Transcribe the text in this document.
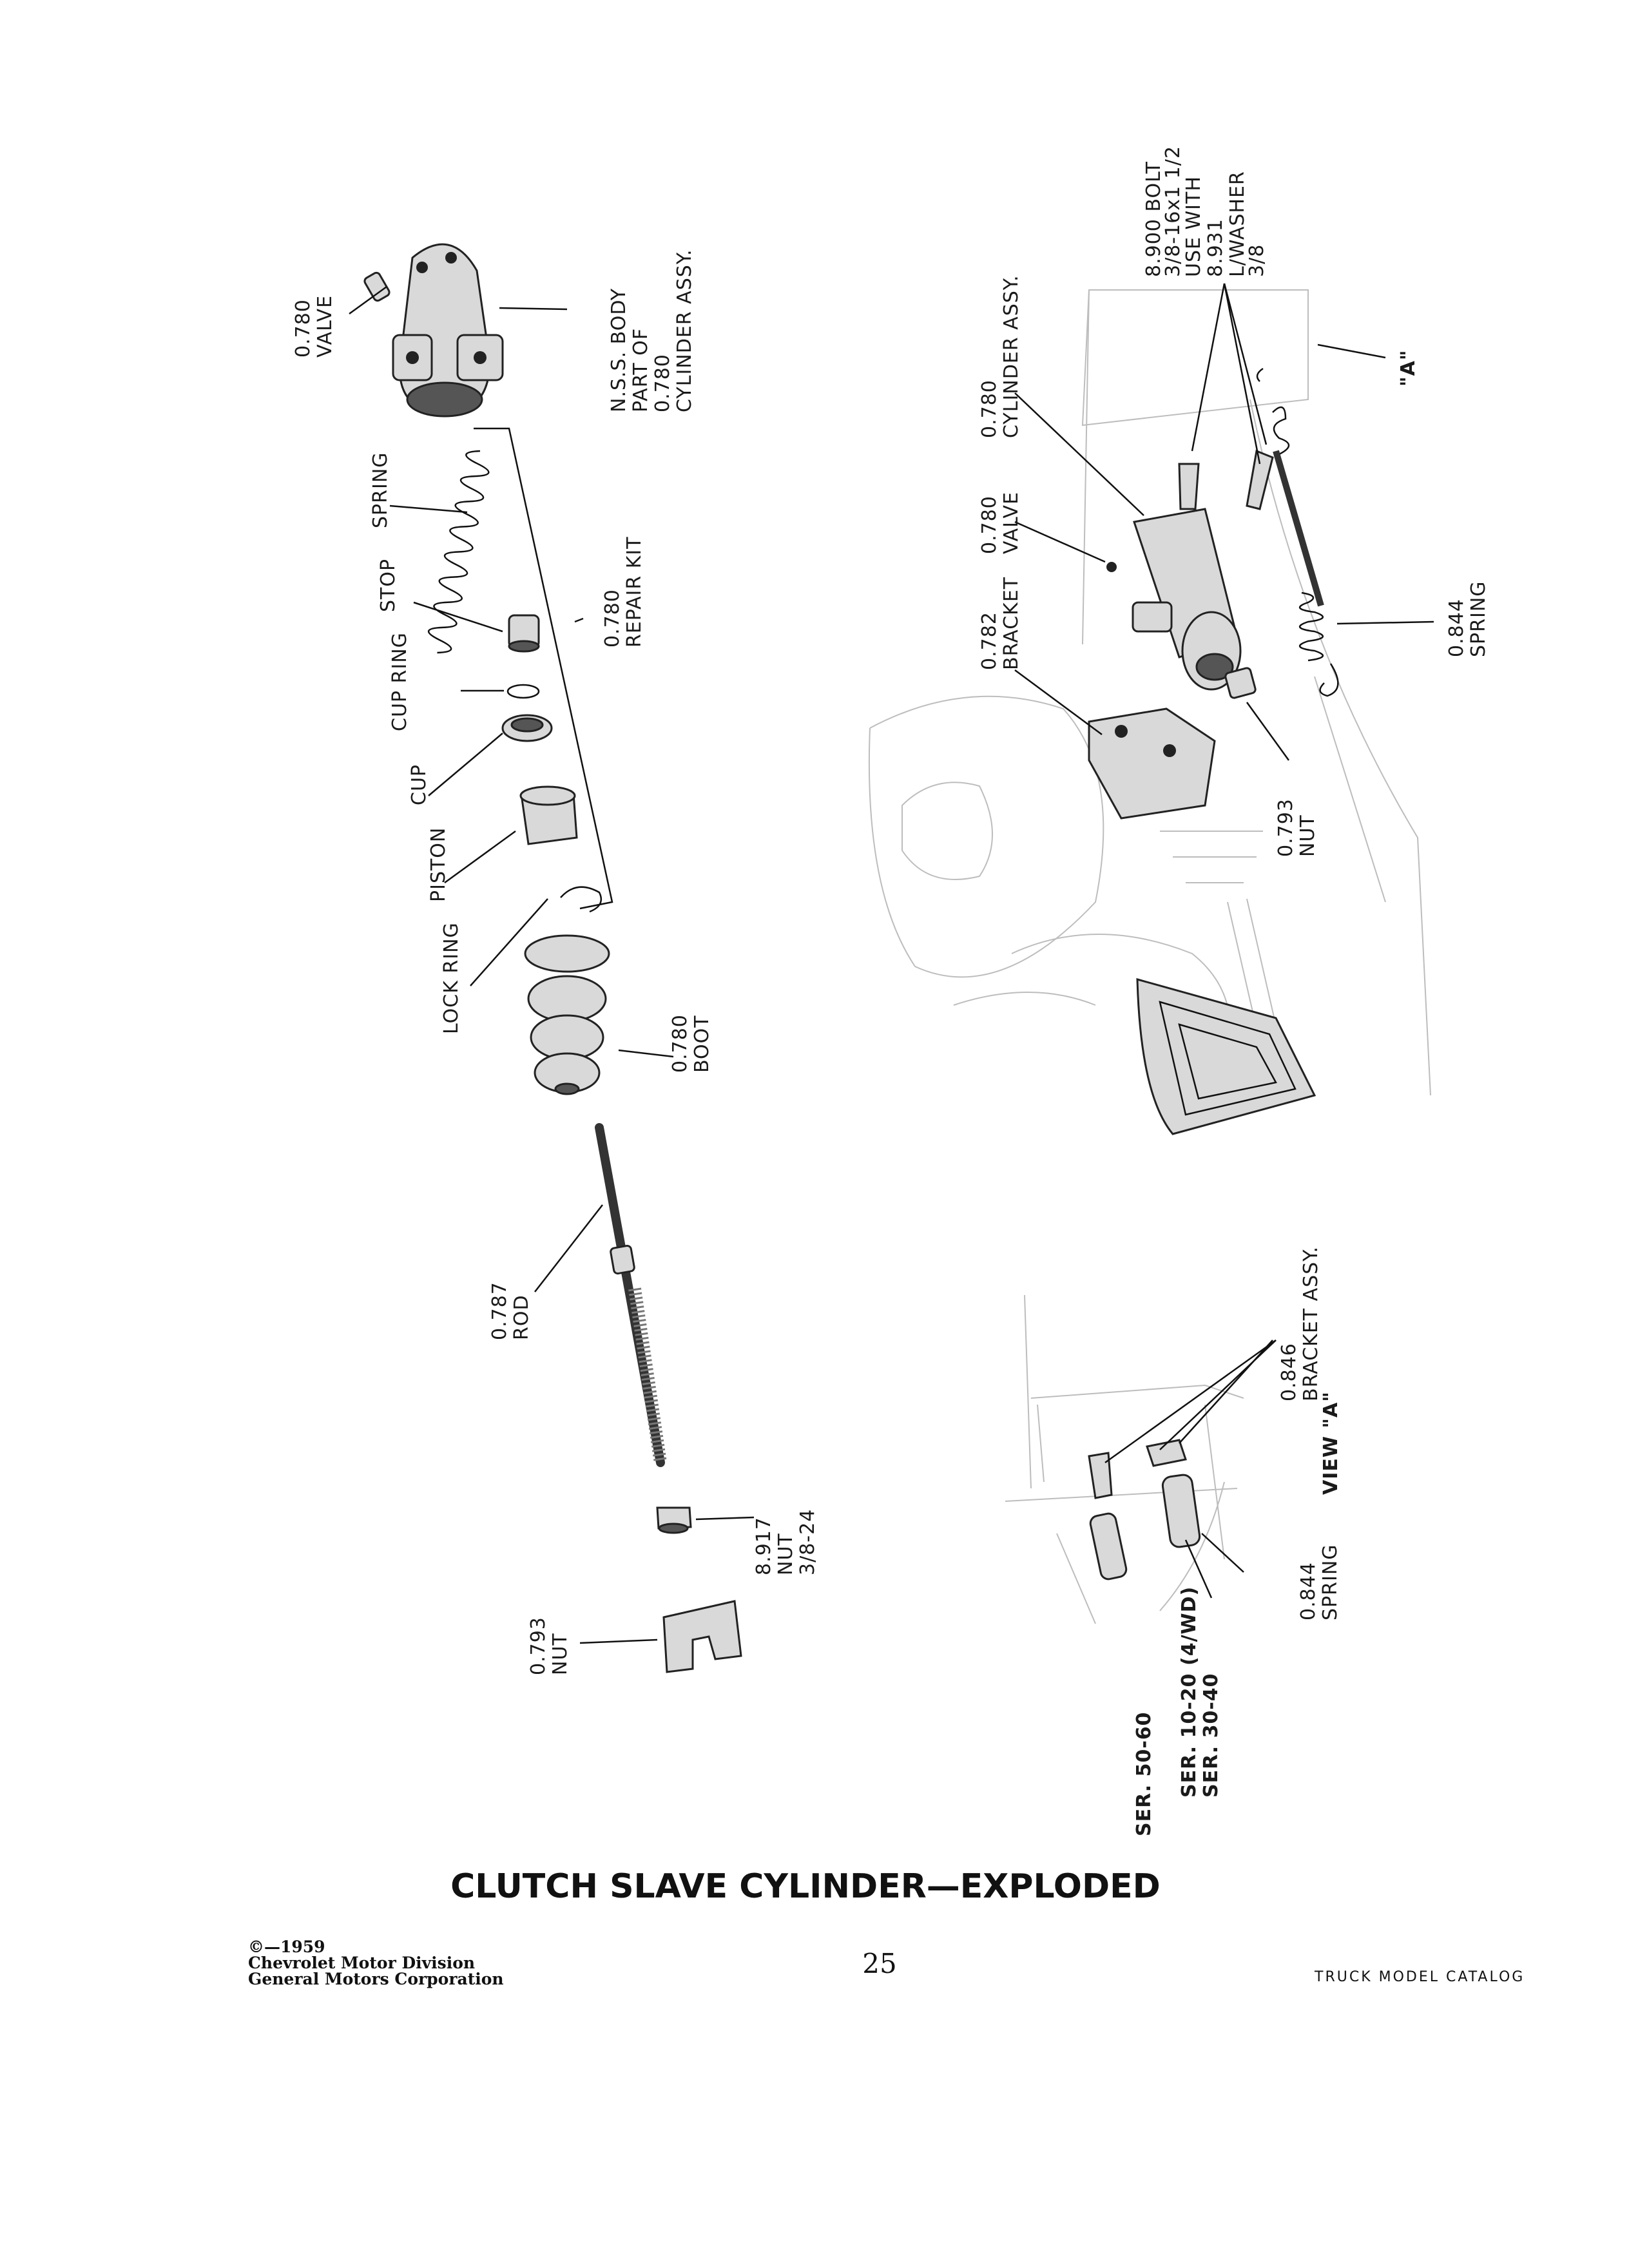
0.780 VALVE	N.S.S. BODY PART OF 0.780 CYLINDER ASSY.
SPRING
STOP
CUP RING
CUP
PISTON
LOCK RING
0.780 REPAIR KIT
0.780 BOOT
0.787 ROD
8.917 NUT 3/8-24
0.793 NUT
0.780 CYLINDER ASSY.
0.780 VALVE
0.782 BRACKET
8.900 BOLT
3/8-16x1 1/2
USE WITH 8.931 L/WASHER
3/8
"A"
0.844 SPRING
0.793 NUT
0.846 BRACKET ASSY.
VIEW "A"
0.844 SPRING
SER. 50-60 SER. 10-20 (4/WD) SER. 30-40
CLUTCH SLAVE CYLINDER—EXPLODED
©—1959
Chevrolet Motor Division
General Motors Corporation	25	TRUCK MODEL CATALOG
